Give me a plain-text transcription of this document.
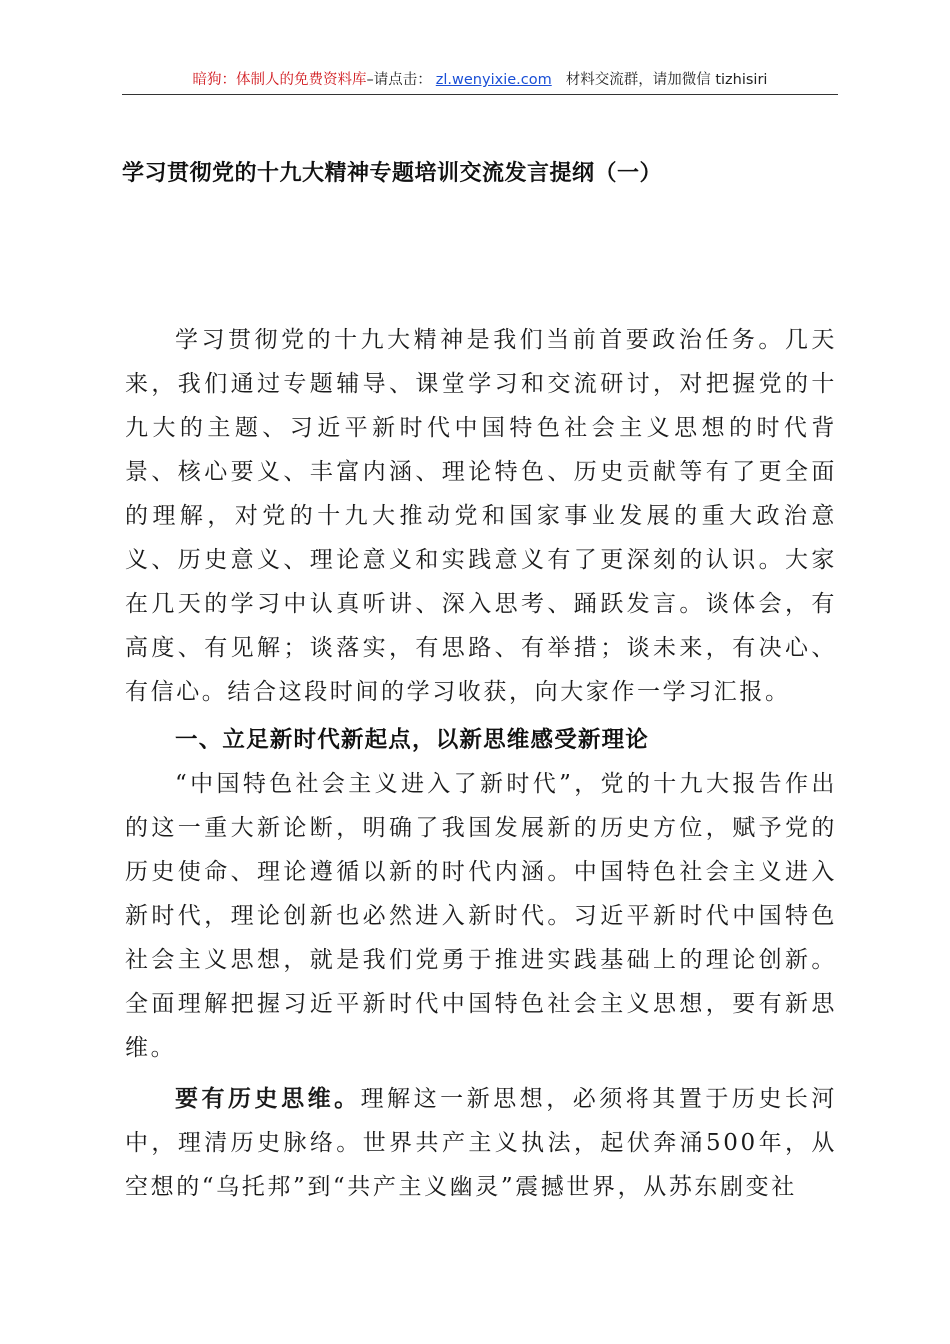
暗狗：体制人的免费资料库–请点击： zl.wenyixie.com 材料交流群，请加微信 tizhisiri
学习贯彻党的十九大精神专题培训交流发言提纲（一）
学习贯彻党的十九大精神是我们当前首要政治任务。几天来，我们通过专题辅导、课堂学习和交流研讨，对把握党的十九大的主题、习近平新时代中国特色社会主义思想的时代背景、核心要义、丰富内涵、理论特色、历史贡献等有了更全面的理解，对党的十九大推动党和国家事业发展的重大政治意义、历史意义、理论意义和实践意义有了更深刻的认识。大家在几天的学习中认真听讲、深入思考、踊跃发言。谈体会，有高度、有见解；谈落实，有思路、有举措；谈未来，有决心、有信心。结合这段时间的学习收获，向大家作一学习汇报。
一、立足新时代新起点，以新思维感受新理论
“中国特色社会主义进入了新时代”，党的十九大报告作出的这一重大新论断，明确了我国发展新的历史方位，赋予党的历史使命、理论遵循以新的时代内涵。中国特色社会主义进入新时代，理论创新也必然进入新时代。习近平新时代中国特色社会主义思想，就是我们党勇于推进实践基础上的理论创新。全面理解把握习近平新时代中国特色社会主义思想，要有新思维。
要有历史思维。理解这一新思想，必须将其置于历史长河中，理清历史脉络。世界共产主义执法，起伏奔涌500年，从空想的“乌托邦”到“共产主义幽灵”震撼世界，从苏东剧变社
